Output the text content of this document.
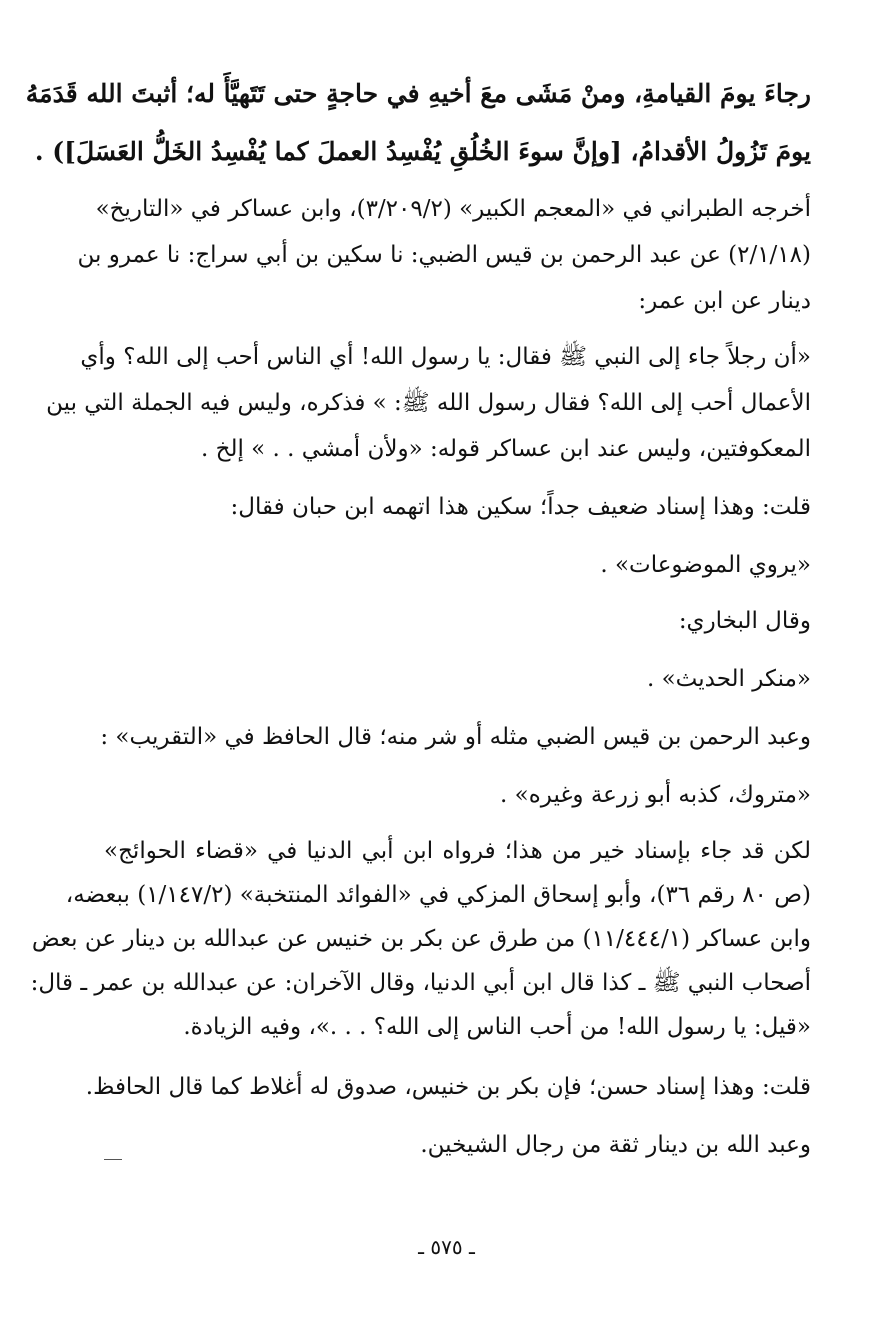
رجاءَ يومَ القيامةِ، ومنْ مَشَى معَ أخيهِ في حاجةٍ حتى تَتَهيَّأَ له؛ أثبتَ الله قَدَمَهُ
يومَ تَزُولُ الأقدامُ، [وإنَّ سوءَ الخُلُقِ يُفْسِدُ العملَ كما يُفْسِدُ الخَلُّ العَسَلَ]) .
أخرجه الطبراني في «المعجم الكبير» (٣/٢٠٩/٢)، وابن عساكر في «التاريخ»
(٢/١/١٨) عن عبد الرحمن بن قيس الضبي: نا سكين بن أبي سراج: نا عمرو بن
دينار عن ابن عمر:
«أن رجلاً جاء إلى النبي ﷺ فقال: يا رسول الله! أي الناس أحب إلى الله؟ وأي
الأعمال أحب إلى الله؟ فقال رسول الله ﷺ: » فذكره، وليس فيه الجملة التي بين
المعكوفتين، وليس عند ابن عساكر قوله: «ولأن أمشي . . » إلخ .
قلت: وهذا إسناد ضعيف جداً؛ سكين هذا اتهمه ابن حبان فقال:
«يروي الموضوعات» .
وقال البخاري:
«منكر الحديث» .
وعبد الرحمن بن قيس الضبي مثله أو شر منه؛ قال الحافظ في «التقريب» :
«متروك، كذبه أبو زرعة وغيره» .
لكن قد جاء بإسناد خير من هذا؛ فرواه ابن أبي الدنيا في «قضاء الحوائج»
(ص ٨٠ رقم ٣٦)، وأبو إسحاق المزكي في «الفوائد المنتخبة» (١/١٤٧/٢) ببعضه،
وابن عساكر (١١/٤٤٤/١) من طرق عن بكر بن خنيس عن عبدالله بن دينار عن بعض
أصحاب النبي ﷺ ـ كذا قال ابن أبي الدنيا، وقال الآخران: عن عبدالله بن عمر ـ قال:
«قيل: يا رسول الله! من أحب الناس إلى الله؟ . . .»، وفيه الزيادة.
قلت: وهذا إسناد حسن؛ فإن بكر بن خنيس، صدوق له أغلاط كما قال الحافظ.
وعبد الله بن دينار ثقة من رجال الشيخين.
ـ ٥٧٥ ـ
